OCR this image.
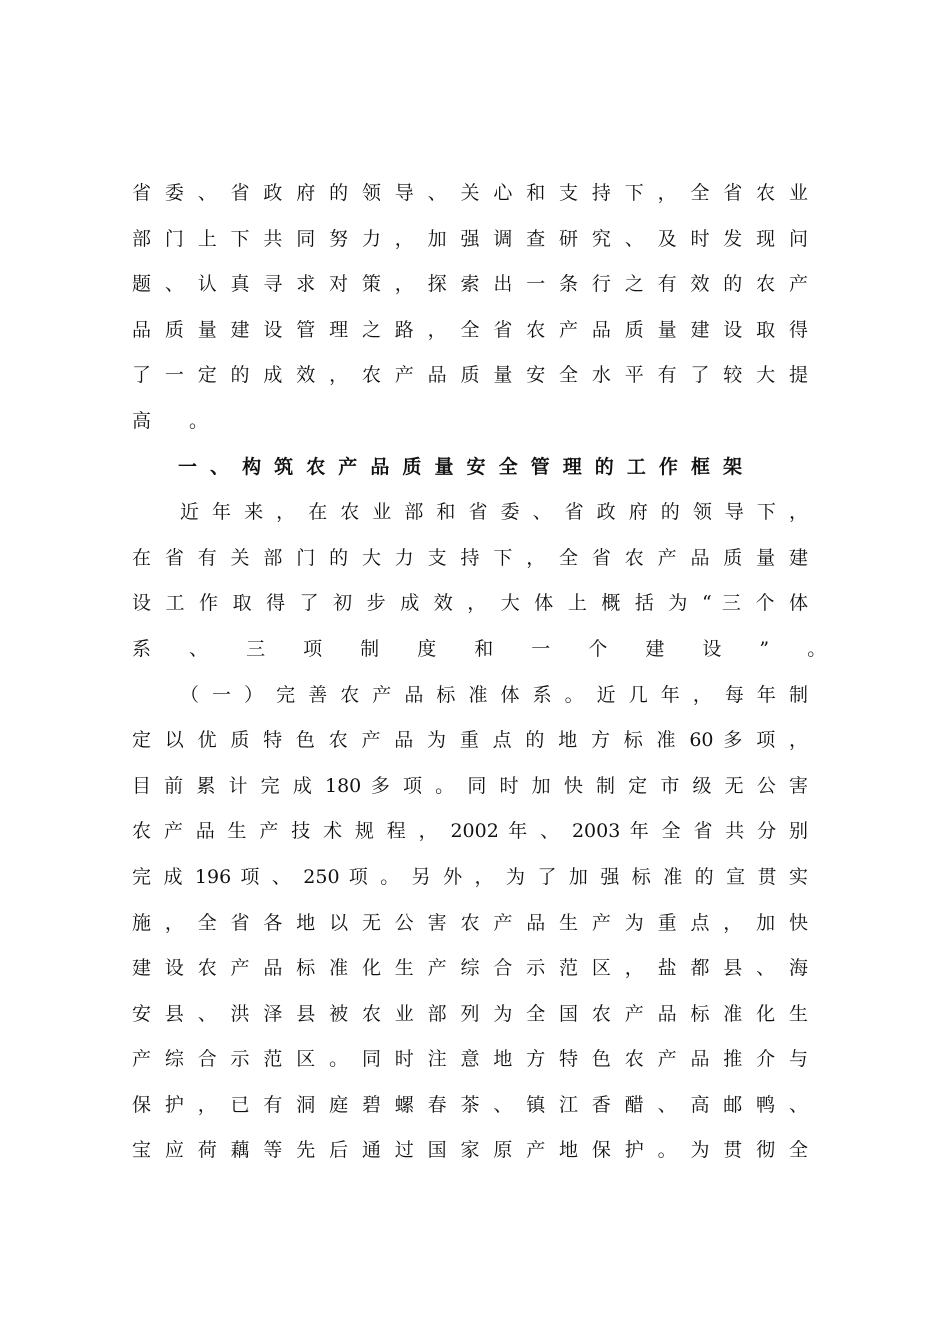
省 委 、 省 政 府 的 领 导 、 关 心 和 支 持 下 ， 全 省 农 业
部 门 上 下 共 同 努 力 ， 加 强 调 查 研 究 、 及 时 发 现 问
题 、 认 真 寻 求 对 策 ， 探 索 出 一 条 行 之 有 效 的 农 产
品 质 量 建 设 管 理 之 路 ， 全 省 农 产 品 质 量 建 设 取 得
了 一 定 的 成 效 ， 农 产 品 质 量 安 全 水 平 有 了 较 大 提
高 。
一 、 构 筑 农 产 品 质 量 安 全 管 理 的 工 作 框 架
近 年 来 ， 在 农 业 部 和 省 委 、 省 政 府 的 领 导 下 ，
在 省 有 关 部 门 的 大 力 支 持 下 ， 全 省 农 产 品 质 量 建
设 工 作 取 得 了 初 步 成 效 ， 大 体 上 概 括 为 “ 三 个 体
系 、 三 项 制 度 和 一 个 建 设 ” 。
（ 一 ） 完 善 农 产 品 标 准 体 系 。 近 几 年 ， 每 年 制
定 以 优 质 特 色 农 产 品 为 重 点 的 地 方 标 准 60 多 项 ，
目 前 累 计 完 成 180 多 项 。 同 时 加 快 制 定 市 级 无 公 害
农 产 品 生 产 技 术 规 程 ， 2002 年 、 2003 年 全 省 共 分 别
完 成 196 项 、 250 项 。 另 外 ， 为 了 加 强 标 准 的 宣 贯 实
施 ， 全 省 各 地 以 无 公 害 农 产 品 生 产 为 重 点 ， 加 快
建 设 农 产 品 标 准 化 生 产 综 合 示 范 区 ， 盐 都 县 、 海
安 县 、 洪 泽 县 被 农 业 部 列 为 全 国 农 产 品 标 准 化 生
产 综 合 示 范 区 。 同 时 注 意 地 方 特 色 农 产 品 推 介 与
保 护 ， 已 有 洞 庭 碧 螺 春 茶 、 镇 江 香 醋 、 高 邮 鸭 、
宝 应 荷 藕 等 先 后 通 过 国 家 原 产 地 保 护 。 为 贯 彻 全
